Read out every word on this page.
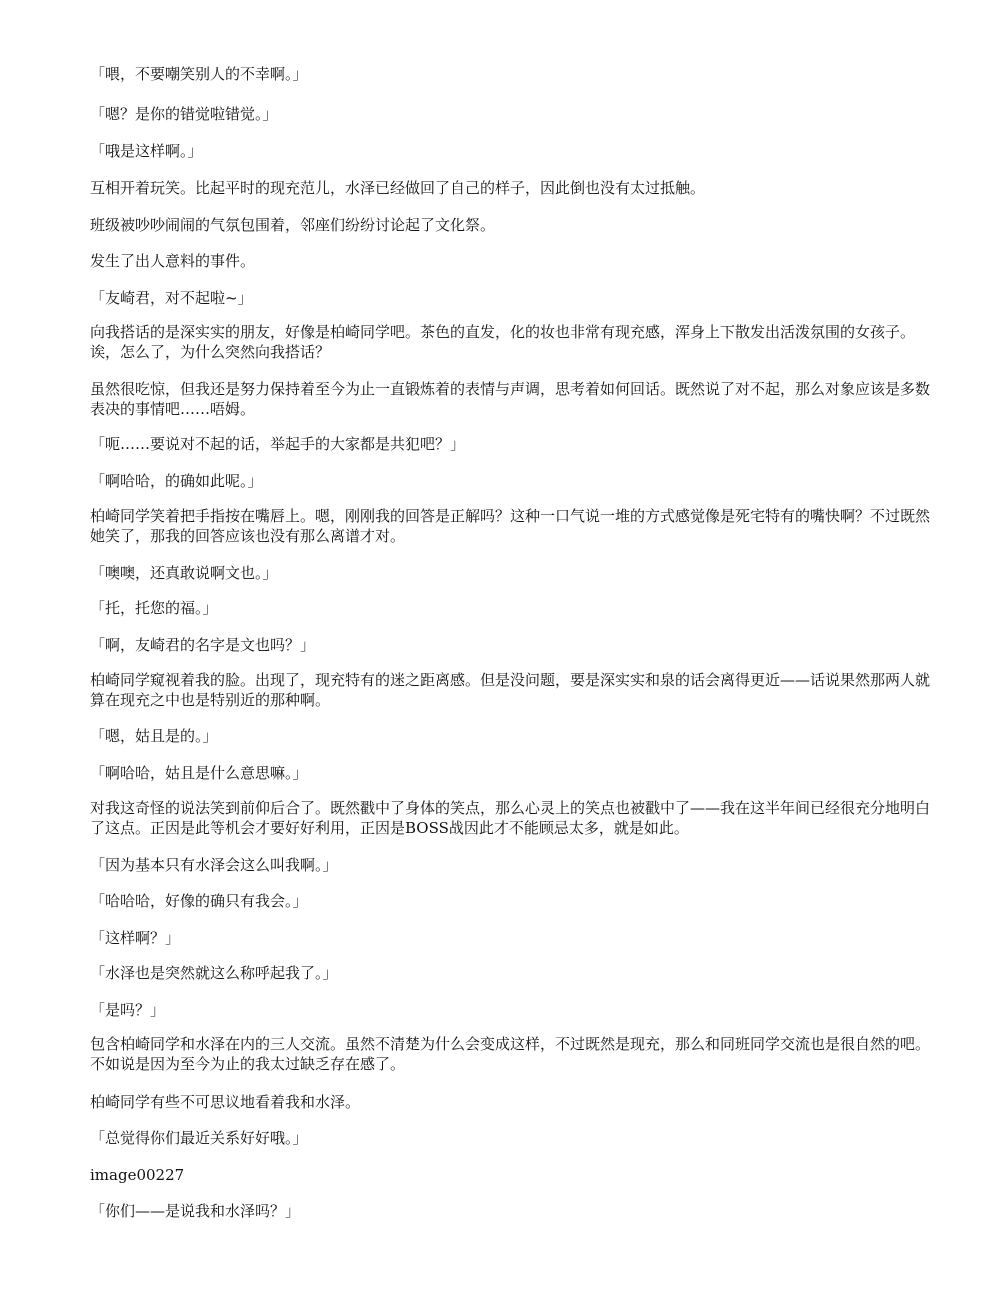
「喂，不要嘲笑别人的不幸啊。」

「嗯？是你的错觉啦错觉。」

「哦是这样啊。」

互相开着玩笑。比起平时的现充范儿，水泽已经做回了自己的样子，因此倒也没有太过抵触。

班级被吵吵闹闹的气氛包围着，邻座们纷纷讨论起了文化祭。

发生了出人意料的事件。

「友崎君，对不起啦~」

向我搭话的是深实实的朋友，好像是柏崎同学吧。茶色的直发，化的妆也非常有现充感，浑身上下散发出活泼氛围的女孩子。诶，怎么了，为什么突然向我搭话？

虽然很吃惊，但我还是努力保持着至今为止一直锻炼着的表情与声调，思考着如何回话。既然说了对不起，那么对象应该是多数表决的事情吧……唔姆。

「呃……要说对不起的话，举起手的大家都是共犯吧？」

「啊哈哈，的确如此呢。」

柏崎同学笑着把手指按在嘴唇上。嗯，刚刚我的回答是正解吗？这种一口气说一堆的方式感觉像是死宅特有的嘴快啊？不过既然她笑了，那我的回答应该也没有那么离谱才对。

「噢噢，还真敢说啊文也。」

「托，托您的福。」

「啊，友崎君的名字是文也吗？」

柏崎同学窥视着我的脸。出现了，现充特有的迷之距离感。但是没问题，要是深实实和泉的话会离得更近——话说果然那两人就算在现充之中也是特别近的那种啊。

「嗯，姑且是的。」

「啊哈哈，姑且是什么意思嘛。」

对我这奇怪的说法笑到前仰后合了。既然戳中了身体的笑点，那么心灵上的笑点也被戳中了——我在这半年间已经很充分地明白了这点。正因是此等机会才要好好利用，正因是BOSS战因此才不能顾忌太多，就是如此。

「因为基本只有水泽会这么叫我啊。」

「哈哈哈，好像的确只有我会。」

「这样啊？」

「水泽也是突然就这么称呼起我了。」

「是吗？」

包含柏崎同学和水泽在内的三人交流。虽然不清楚为什么会变成这样，不过既然是现充，那么和同班同学交流也是很自然的吧。不如说是因为至今为止的我太过缺乏存在感了。

柏崎同学有些不可思议地看着我和水泽。

「总觉得你们最近关系好好哦。」

image00227

「你们——是说我和水泽吗？」
